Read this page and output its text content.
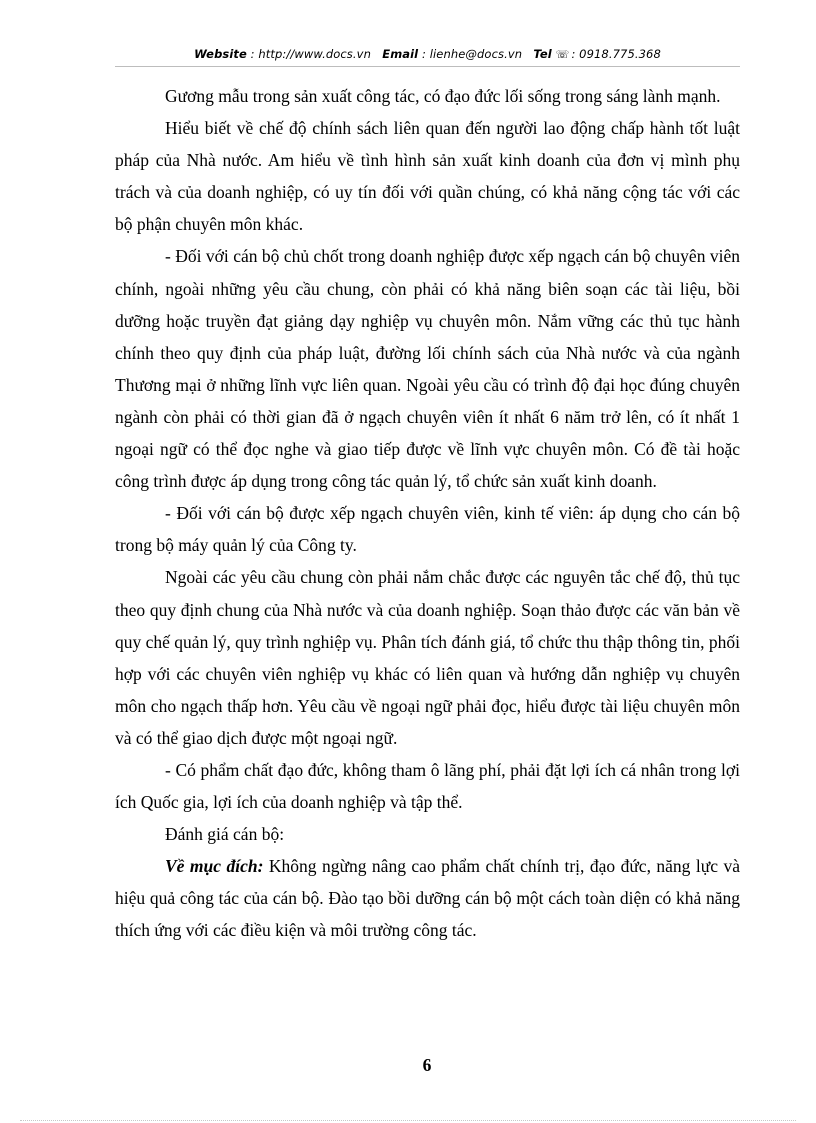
Website : http://www.docs.vn Email : lienhe@docs.vn Tel ☏ : 0918.775.368

Gương mẫu trong sản xuất công tác, có đạo đức lối sống trong sáng lành mạnh.

Hiểu biết về chế độ chính sách liên quan đến người lao động chấp hành tốt luật pháp của Nhà nước. Am hiểu về tình hình sản xuất kinh doanh của đơn vị mình phụ trách và của doanh nghiệp, có uy tín đối với quần chúng, có khả năng cộng tác với các bộ phận chuyên môn khác.

- Đối với cán bộ chủ chốt trong doanh nghiệp được xếp ngạch cán bộ chuyên viên chính, ngoài những yêu cầu chung, còn phải có khả năng biên soạn các tài liệu, bồi dưỡng hoặc truyền đạt giảng dạy nghiệp vụ chuyên môn. Nắm vững các thủ tục hành chính theo quy định của pháp luật, đường lối chính sách của Nhà nước và của ngành Thương mại ở những lĩnh vực liên quan. Ngoài yêu cầu có trình độ đại học đúng chuyên ngành còn phải có thời gian đã ở ngạch chuyên viên ít nhất 6 năm trở lên, có ít nhất 1 ngoại ngữ có thể đọc nghe và giao tiếp được về lĩnh vực chuyên môn. Có đề tài hoặc công trình được áp dụng trong công tác quản lý, tổ chức sản xuất kinh doanh.

- Đối với cán bộ được xếp ngạch chuyên viên, kinh tế viên: áp dụng cho cán bộ trong bộ máy quản lý của Công ty.

Ngoài các yêu cầu chung còn phải nắm chắc được các nguyên tắc chế độ, thủ tục theo quy định chung của Nhà nước và của doanh nghiệp. Soạn thảo được các văn bản về quy chế quản lý, quy trình nghiệp vụ. Phân tích đánh giá, tổ chức thu thập thông tin, phối hợp với các chuyên viên nghiệp vụ khác có liên quan và hướng dẫn nghiệp vụ chuyên môn cho ngạch thấp hơn. Yêu cầu về ngoại ngữ phải đọc, hiểu được tài liệu chuyên môn và có thể giao dịch được một ngoại ngữ.

- Có phẩm chất đạo đức, không tham ô lãng phí, phải đặt lợi ích cá nhân trong lợi ích Quốc gia, lợi ích của doanh nghiệp và tập thể.

Đánh giá cán bộ:

Về mục đích: Không ngừng nâng cao phẩm chất chính trị, đạo đức, năng lực và hiệu quả công tác của cán bộ. Đào tạo bồi dưỡng cán bộ một cách toàn diện có khả năng thích ứng với các điều kiện và môi trường công tác.

6
